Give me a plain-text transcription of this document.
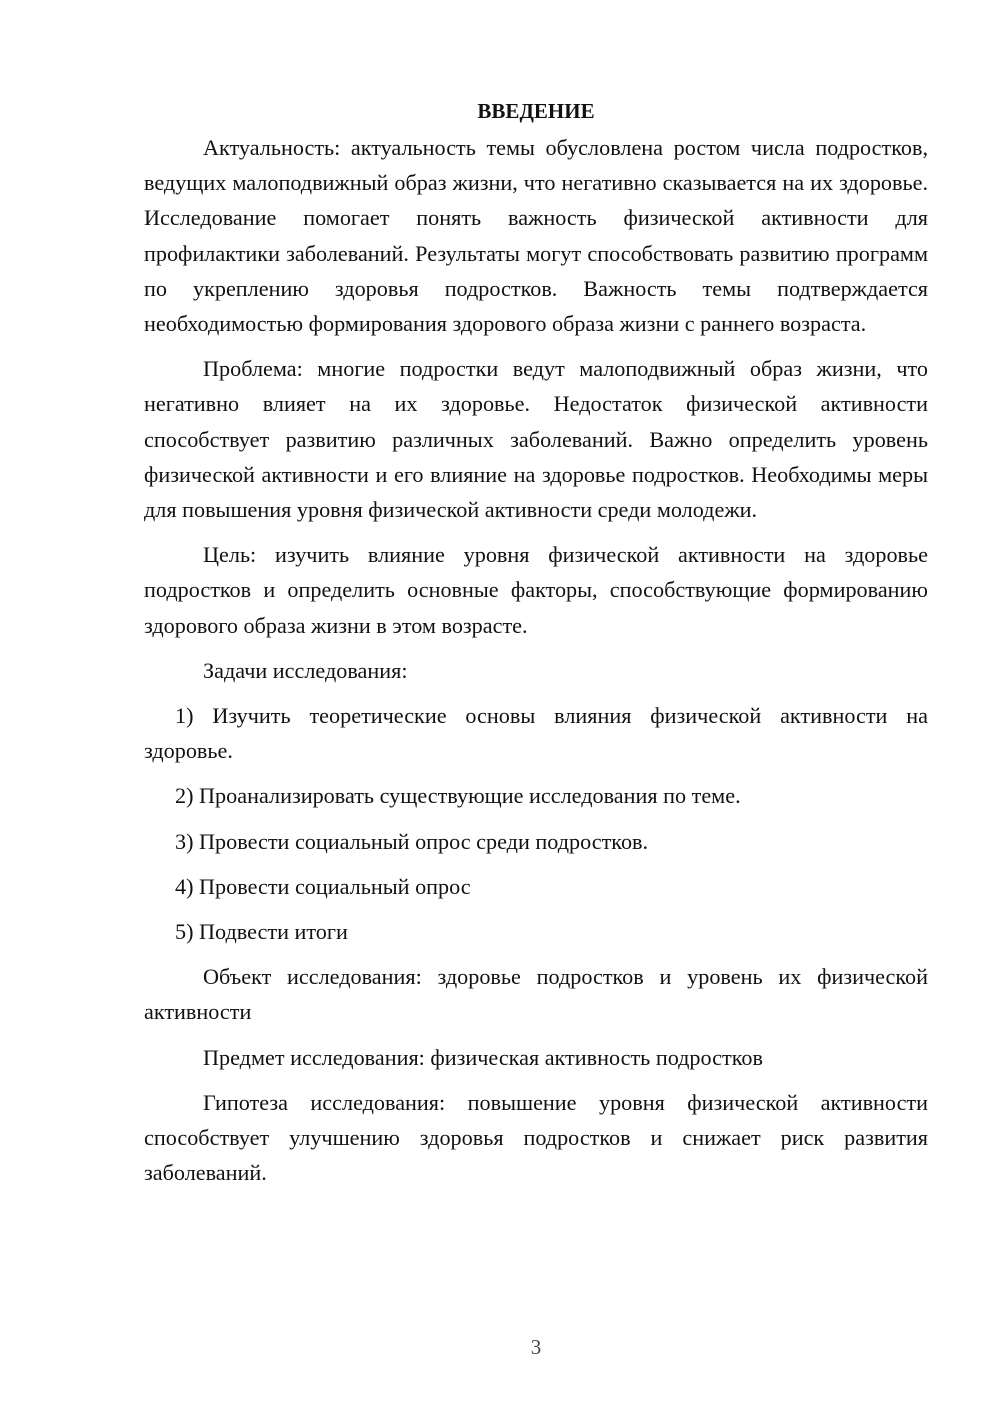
ВВЕДЕНИЕ

Актуальность: актуальность темы обусловлена ростом числа подростков, ведущих малоподвижный образ жизни, что негативно сказывается на их здоровье. Исследование помогает понять важность физической активности для профилактики заболеваний. Результаты могут способствовать развитию программ по укреплению здоровья подростков. Важность темы подтверждается необходимостью формирования здорового образа жизни с раннего возраста.

Проблема: многие подростки ведут малоподвижный образ жизни, что негативно влияет на их здоровье. Недостаток физической активности способствует развитию различных заболеваний. Важно определить уровень физической активности и его влияние на здоровье подростков. Необходимы меры для повышения уровня физической активности среди молодежи.

Цель: изучить влияние уровня физической активности на здоровье подростков и определить основные факторы, способствующие формированию здорового образа жизни в этом возрасте.

Задачи исследования:

1) Изучить теоретические основы влияния физической активности на здоровье.

2) Проанализировать существующие исследования по теме.

3) Провести социальный опрос среди подростков.

4) Провести социальный опрос

5) Подвести итоги

Объект исследования: здоровье подростков и уровень их физической активности

Предмет исследования: физическая активность подростков

Гипотеза исследования: повышение уровня физической активности способствует улучшению здоровья подростков и снижает риск развития заболеваний.

3
